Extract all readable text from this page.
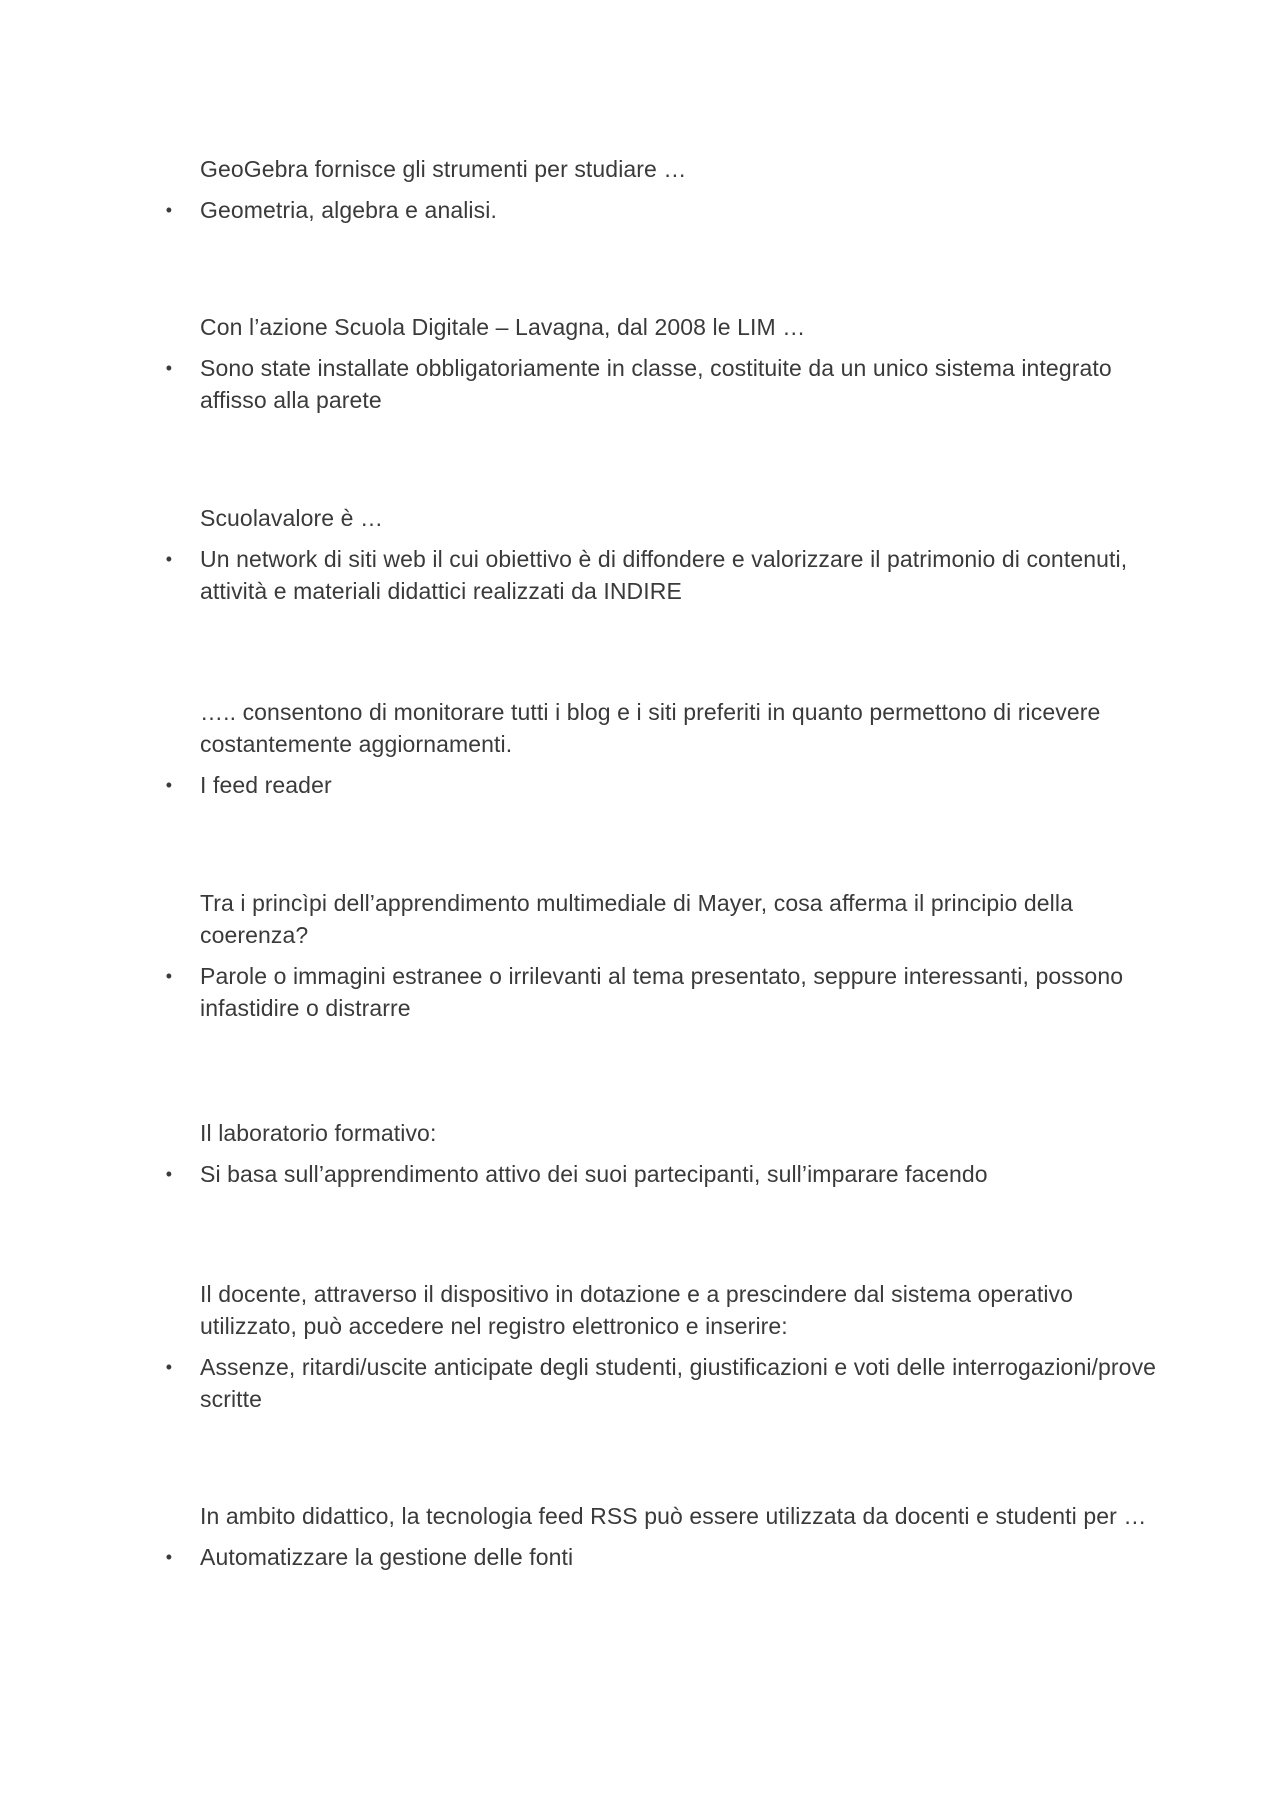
GeoGebra fornisce gli strumenti per studiare …
• Geometria, algebra e analisi.
Con l’azione Scuola Digitale – Lavagna, dal 2008 le LIM …
• Sono state installate obbligatoriamente in classe, costituite da un unico sistema integrato affisso alla parete
Scuolavalore è …
• Un network di siti web il cui obiettivo è di diffondere e valorizzare il patrimonio di contenuti, attività e materiali didattici realizzati da INDIRE
….. consentono di monitorare tutti i blog e i siti preferiti in quanto permettono di ricevere costantemente aggiornamenti.
• I feed reader
Tra i princìpi dell’apprendimento multimediale di Mayer, cosa afferma il principio della coerenza?
• Parole o immagini estranee o irrilevanti al tema presentato, seppure interessanti, possono infastidire o distrarre
Il laboratorio formativo:
• Si basa sull’apprendimento attivo dei suoi partecipanti, sull’imparare facendo
Il docente, attraverso il dispositivo in dotazione e a prescindere dal sistema operativo utilizzato, può accedere nel registro elettronico e inserire:
• Assenze, ritardi/uscite anticipate degli studenti, giustificazioni e voti delle interrogazioni/prove scritte
In ambito didattico, la tecnologia feed RSS può essere utilizzata da docenti e studenti per …
• Automatizzare la gestione delle fonti
